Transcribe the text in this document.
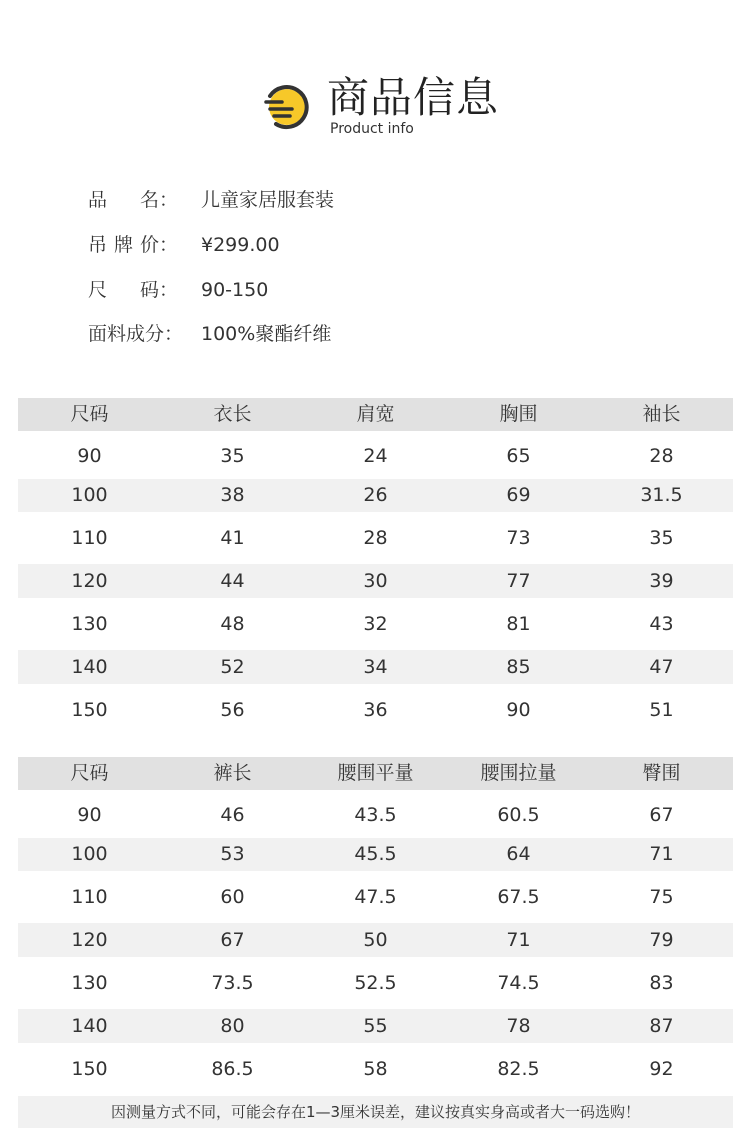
商品信息
Product info
品 名： 儿童家居服套装
吊 牌 价： ¥299.00
尺 码： 90-150
面料成分： 100%聚酯纤维
尺码	衣长	肩宽	胸围	袖长
90	35	24	65	28
100	38	26	69	31.5
110	41	28	73	35
120	44	30	77	39
130	48	32	81	43
140	52	34	85	47
150	56	36	90	51
尺码	裤长	腰围平量	腰围拉量	臀围
90	46	43.5	60.5	67
100	53	45.5	64	71
110	60	47.5	67.5	75
120	67	50	71	79
130	73.5	52.5	74.5	83
140	80	55	78	87
150	86.5	58	82.5	92
因测量方式不同，可能会存在1—3厘米误差，建议按真实身高或者大一码选购！
